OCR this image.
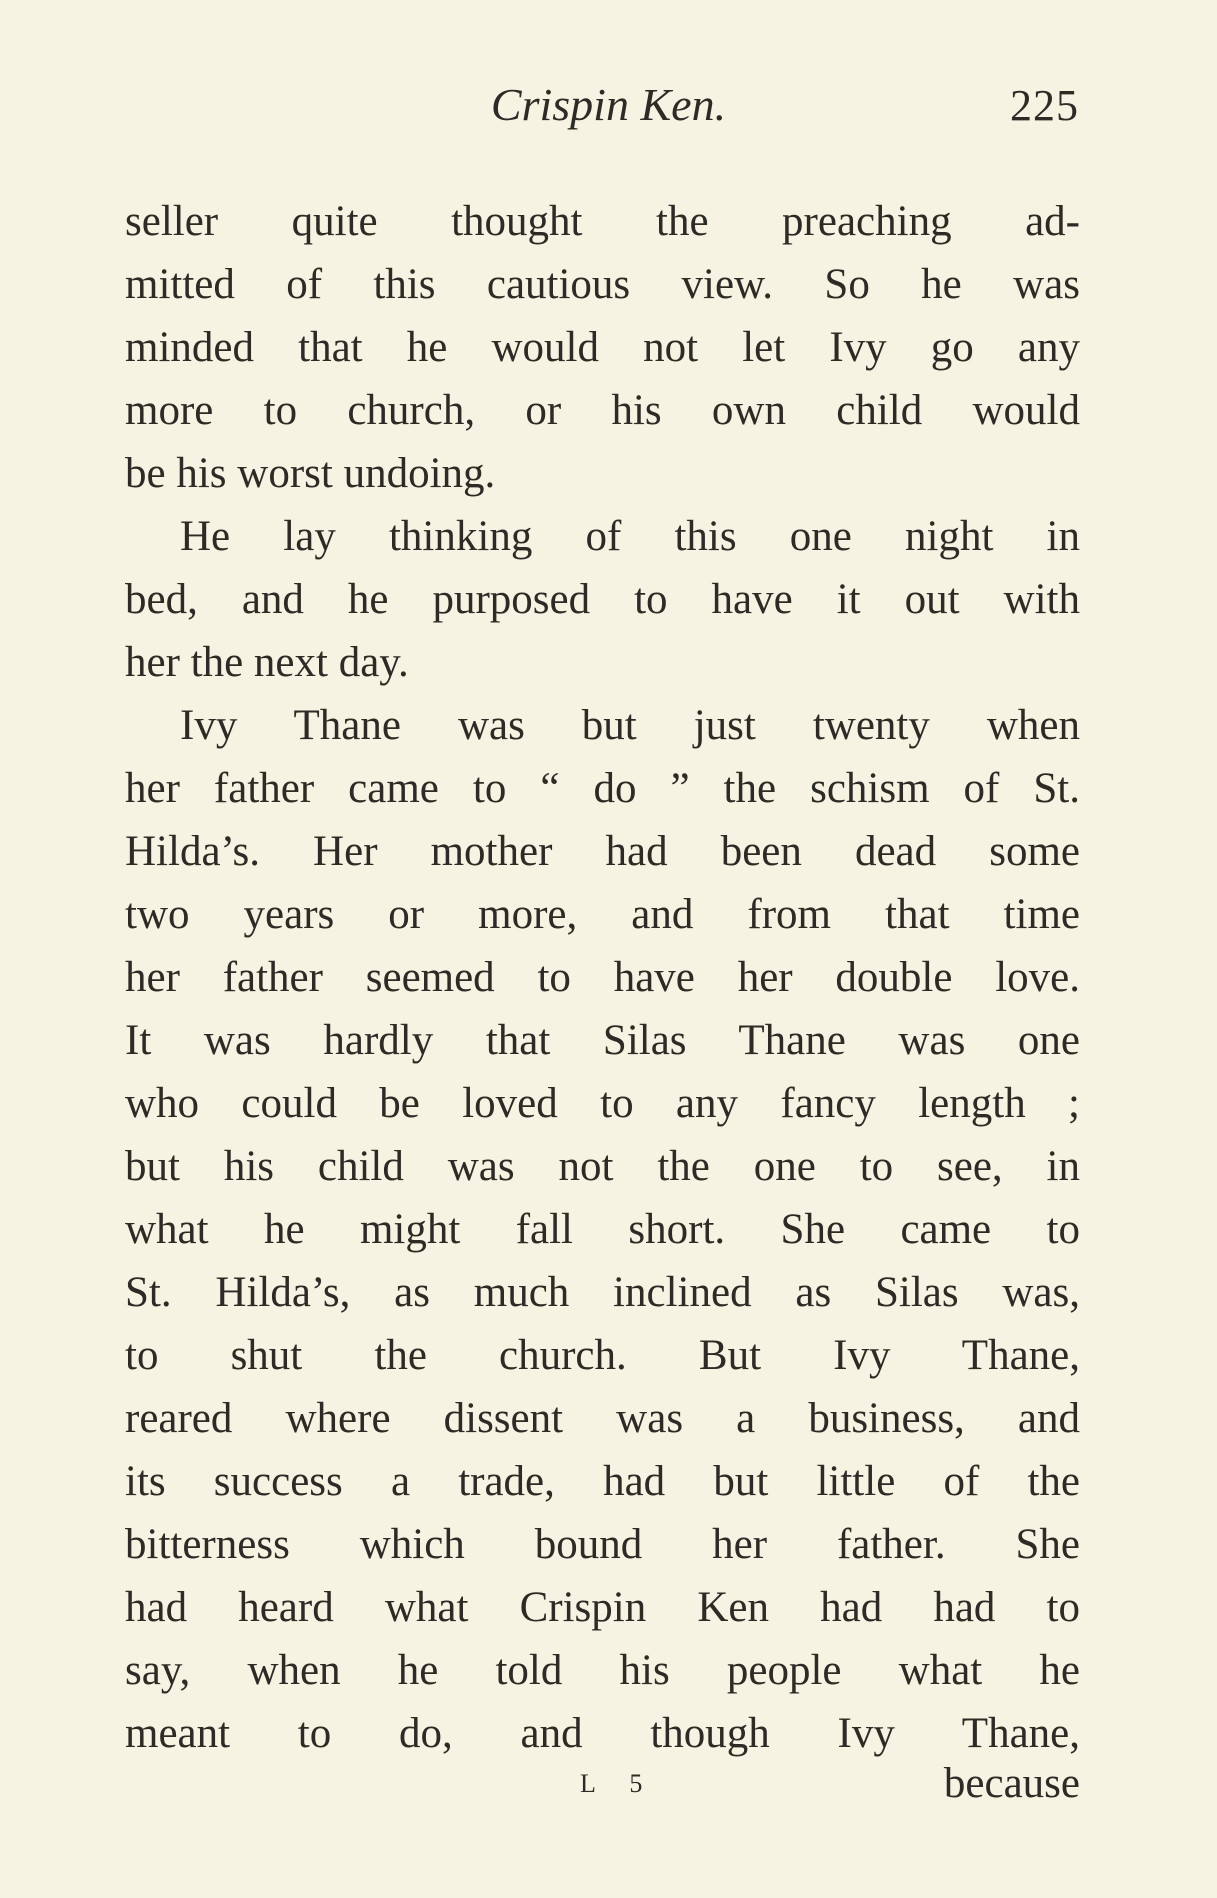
Crispin Ken.	225
seller quite thought the preaching ad-
mitted of this cautious view. So he was
minded that he would not let Ivy go any
more to church, or his own child would
be his worst undoing.
He lay thinking of this one night in
bed, and he purposed to have it out with
her the next day.
Ivy Thane was but just twenty when
her father came to “ do ” the schism of St.
Hilda’s. Her mother had been dead some
two years or more, and from that time
her father seemed to have her double love.
It was hardly that Silas Thane was one
who could be loved to any fancy length ;
but his child was not the one to see, in
what he might fall short. She came to
St. Hilda’s, as much inclined as Silas was,
to shut the church. But Ivy Thane,
reared where dissent was a business, and
its success a trade, had but little of the
bitterness which bound her father. She
had heard what Crispin Ken had had to
say, when he told his people what he
meant to do, and though Ivy Thane,
L 5	because
